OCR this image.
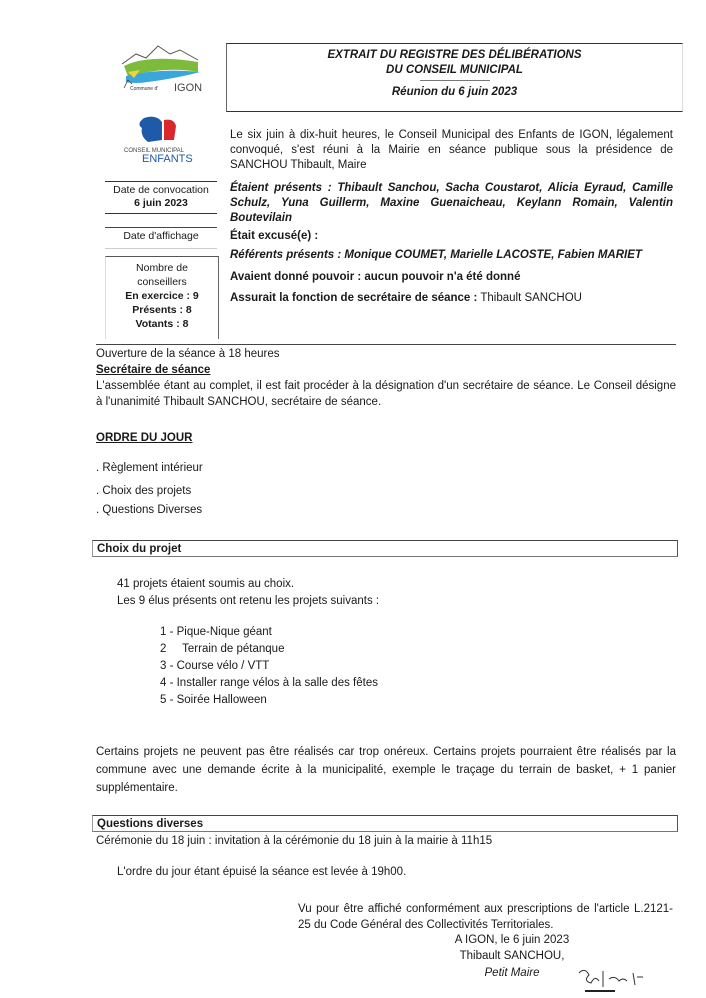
Commune d' IGON
CONSEIL MUNICIPAL
ENFANTS
EXTRAIT DU REGISTRE DES DÉLIBÉRATIONS
DU CONSEIL MUNICIPAL
Réunion du 6 juin 2023
Date de convocation
6 juin 2023
Date d'affichage
Nombre de
conseillers
En exercice : 9
Présents : 8
Votants : 8
Le six juin à dix-huit heures, le Conseil Municipal des Enfants de IGON, légalement convoqué, s'est réuni à la Mairie en séance publique sous la présidence de SANCHOU Thibault, Maire
Étaient présents : Thibault Sanchou, Sacha Coustarot, Alicia Eyraud, Camille Schulz, Yuna Guillerm, Maxine Guenaicheau, Keylann Romain, Valentin Boutevilain
Était excusé(e) :
Référents présents : Monique COUMET, Marielle LACOSTE, Fabien MARIET
Avaient donné pouvoir : aucun pouvoir n'a été donné
Assurait la fonction de secrétaire de séance : Thibault SANCHOU
Ouverture de la séance à 18 heures
Secrétaire de séance
L'assemblée étant au complet, il est fait procéder à la désignation d'un secrétaire de séance. Le Conseil désigne à l'unanimité Thibault SANCHOU, secrétaire de séance.
ORDRE DU JOUR
. Règlement intérieur
. Choix des projets
. Questions Diverses
Choix du projet
41 projets étaient soumis au choix.
Les 9 élus présents ont retenu les projets suivants :
1 - Pique-Nique géant
2     Terrain de pétanque
3 - Course vélo / VTT
4 - Installer range vélos à la salle des fêtes
5 - Soirée Halloween
Certains projets ne peuvent pas être réalisés car trop onéreux. Certains projets pourraient être réalisés par la commune avec une demande écrite à la municipalité, exemple le traçage du terrain de basket, + 1 panier supplémentaire.
Questions diverses
Cérémonie du 18 juin : invitation à la cérémonie du 18 juin à la mairie à 11h15
L'ordre du jour étant épuisé la séance est levée à 19h00.
Vu pour être affiché conformément aux prescriptions de l'article L.2121-25 du Code Général des Collectivités Territoriales.
A IGON, le 6 juin 2023
Thibault SANCHOU,
Petit Maire
